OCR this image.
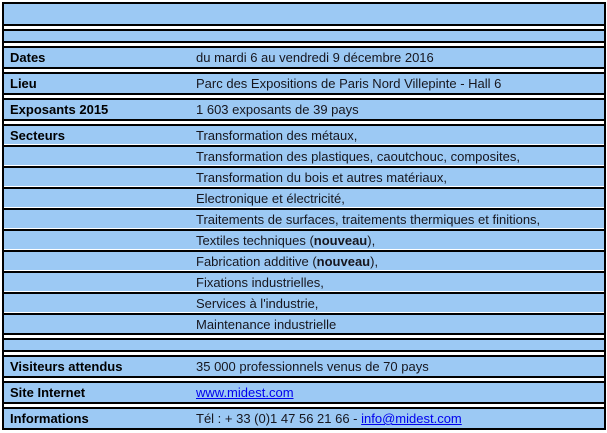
Dates	du mardi 6 au vendredi 9 décembre 2016
Lieu	Parc des Expositions de Paris Nord Villepinte - Hall 6
Exposants 2015	1 603 exposants de 39 pays
Secteurs	Transformation des métaux,
Transformation des plastiques, caoutchouc, composites,
Transformation du bois et autres matériaux,
Electronique et électricité,
Traitements de surfaces, traitements thermiques et finitions,
Textiles techniques (nouveau),
Fabrication additive (nouveau),
Fixations industrielles,
Services à l'industrie,
Maintenance industrielle
Visiteurs attendus	35 000 professionnels venus de 70 pays
Site Internet	www.midest.com
Informations	Tél : + 33 (0)1 47 56 21 66 - info@midest.com
